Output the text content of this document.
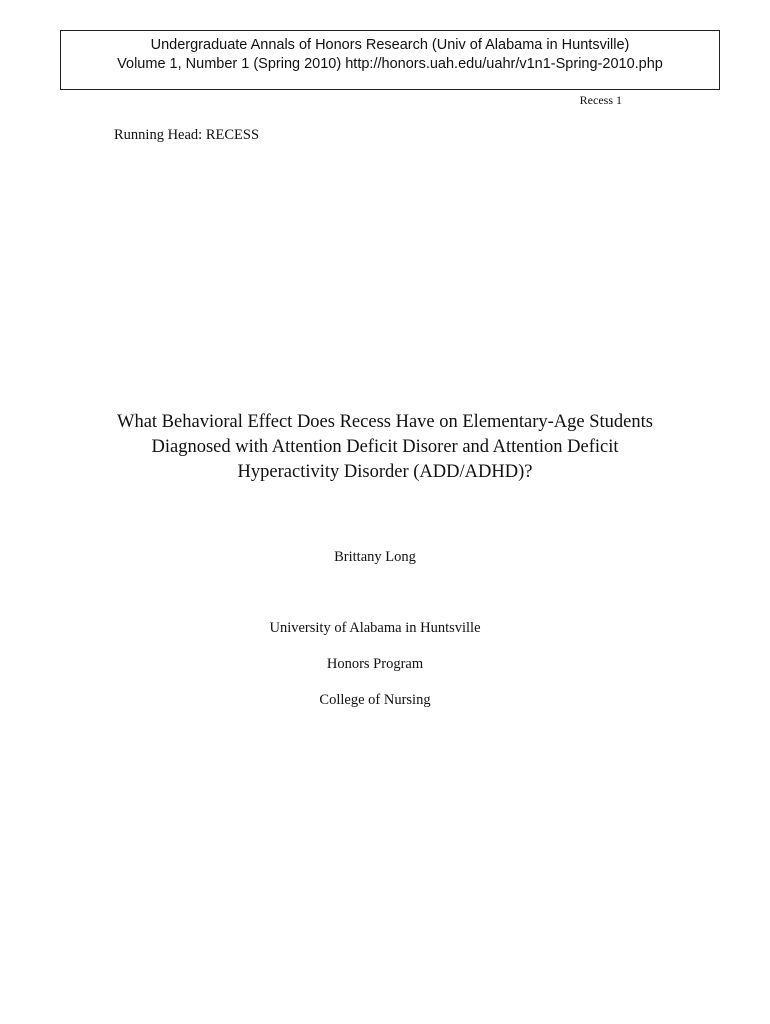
Undergraduate Annals of Honors Research (Univ of Alabama in Huntsville)
Volume 1, Number 1 (Spring 2010) http://honors.uah.edu/uahr/v1n1-Spring-2010.php
Recess 1
Running Head: RECESS
What Behavioral Effect Does Recess Have on Elementary-Age Students
Diagnosed with Attention Deficit Disorer and Attention Deficit
Hyperactivity Disorder (ADD/ADHD)?
Brittany Long
University of Alabama in Huntsville
Honors Program
College of Nursing
